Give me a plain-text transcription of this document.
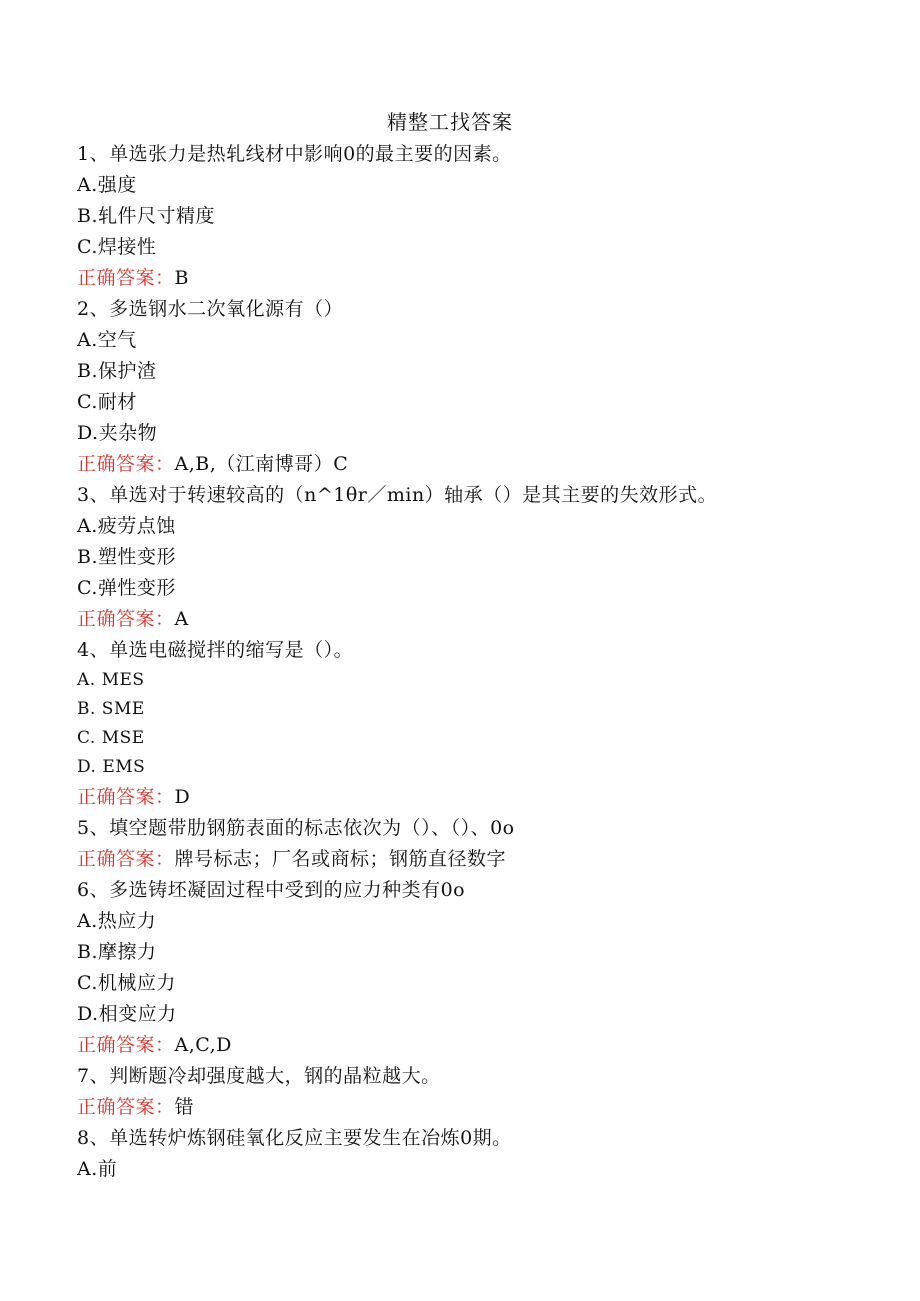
精整工找答案
1、单选张力是热轧线材中影响0的最主要的因素。
A.强度
B.轧件尺寸精度
C.焊接性
正确答案：B
2、多选钢水二次氧化源有（）
A.空气
B.保护渣
C.耐材
D.夹杂物
正确答案：A,B,（江南博哥）C
3、单选对于转速较高的（n^1θr／min）轴承（）是其主要的失效形式。
A.疲劳点蚀
B.塑性变形
C.弹性变形
正确答案：A
4、单选电磁搅拌的缩写是（）。
A. MES
B. SME
C. MSE
D. EMS
正确答案：D
5、填空题带肋钢筋表面的标志依次为（）、（）、0o
正确答案：牌号标志；厂名或商标；钢筋直径数字
6、多选铸坯凝固过程中受到的应力种类有0o
A.热应力
B.摩擦力
C.机械应力
D.相变应力
正确答案：A,C,D
7、判断题冷却强度越大，钢的晶粒越大。
正确答案：错
8、单选转炉炼钢硅氧化反应主要发生在冶炼0期。
A.前
